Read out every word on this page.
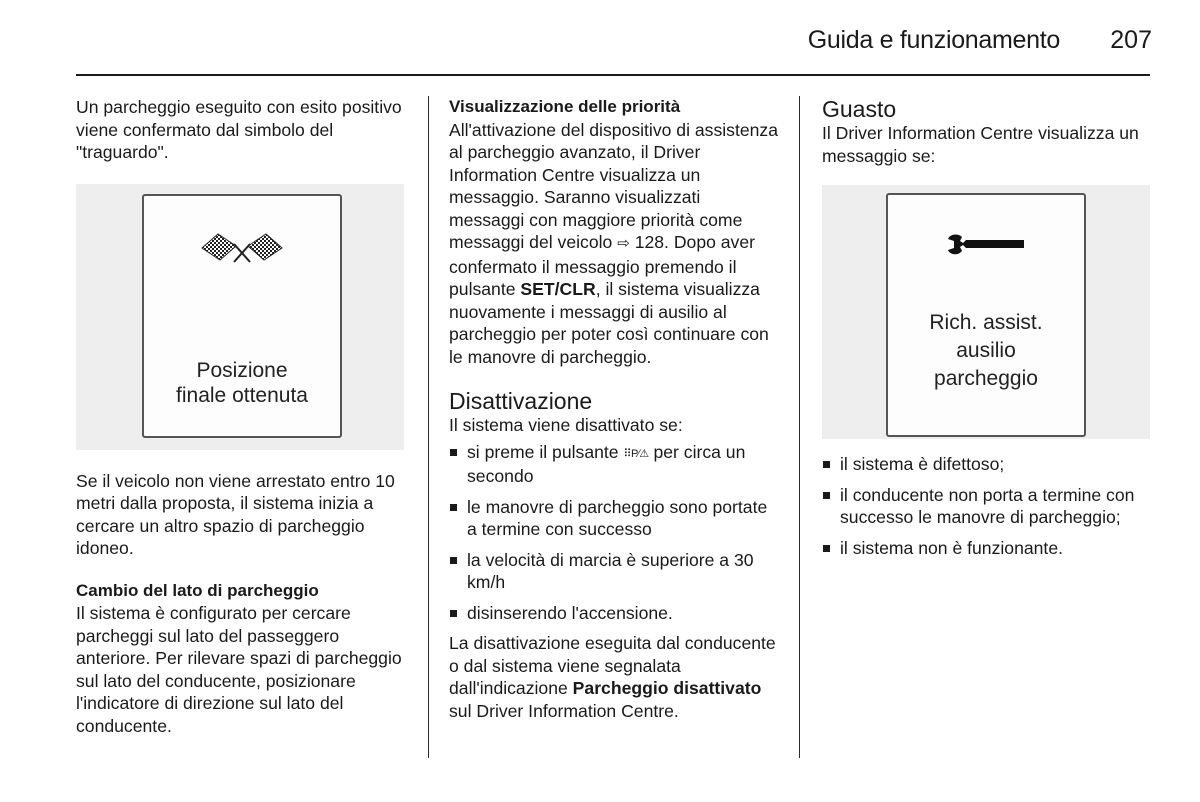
Guida e funzionamento	207

Un parcheggio eseguito con esito positivo viene confermato dal simbolo del "traguardo".

Posizione
finale ottenuta

Se il veicolo non viene arrestato entro 10 metri dalla proposta, il sistema inizia a cercare un altro spazio di parcheggio idoneo.

Cambio del lato di parcheggio

Il sistema è configurato per cercare parcheggi sul lato del passeggero anteriore. Per rilevare spazi di parcheggio sul lato del conducente, posizionare l'indicatore di direzione sul lato del conducente.

Visualizzazione delle priorità

All'attivazione del dispositivo di assistenza al parcheggio avanzato, il Driver Information Centre visualizza un messaggio. Saranno visualizzati messaggi con maggiore priorità come messaggi del veicolo ⇨ 128. Dopo aver confermato il messaggio premendo il pulsante SET/CLR, il sistema visualizza nuovamente i messaggi di ausilio al parcheggio per poter così continuare con le manovre di parcheggio.

Disattivazione

Il sistema viene disattivato se:

si preme il pulsante ⠿P⁄⚠ per circa un secondo
le manovre di parcheggio sono portate a termine con successo
la velocità di marcia è superiore a 30 km/h
disinserendo l'accensione.

La disattivazione eseguita dal conducente o dal sistema viene segnalata dall'indicazione Parcheggio disattivato sul Driver Information Centre.

Guasto

Il Driver Information Centre visualizza un messaggio se:

Rich. assist.
ausilio
parcheggio
il sistema è difettoso;
il conducente non porta a termine con successo le manovre di parcheggio;
il sistema non è funzionante.
